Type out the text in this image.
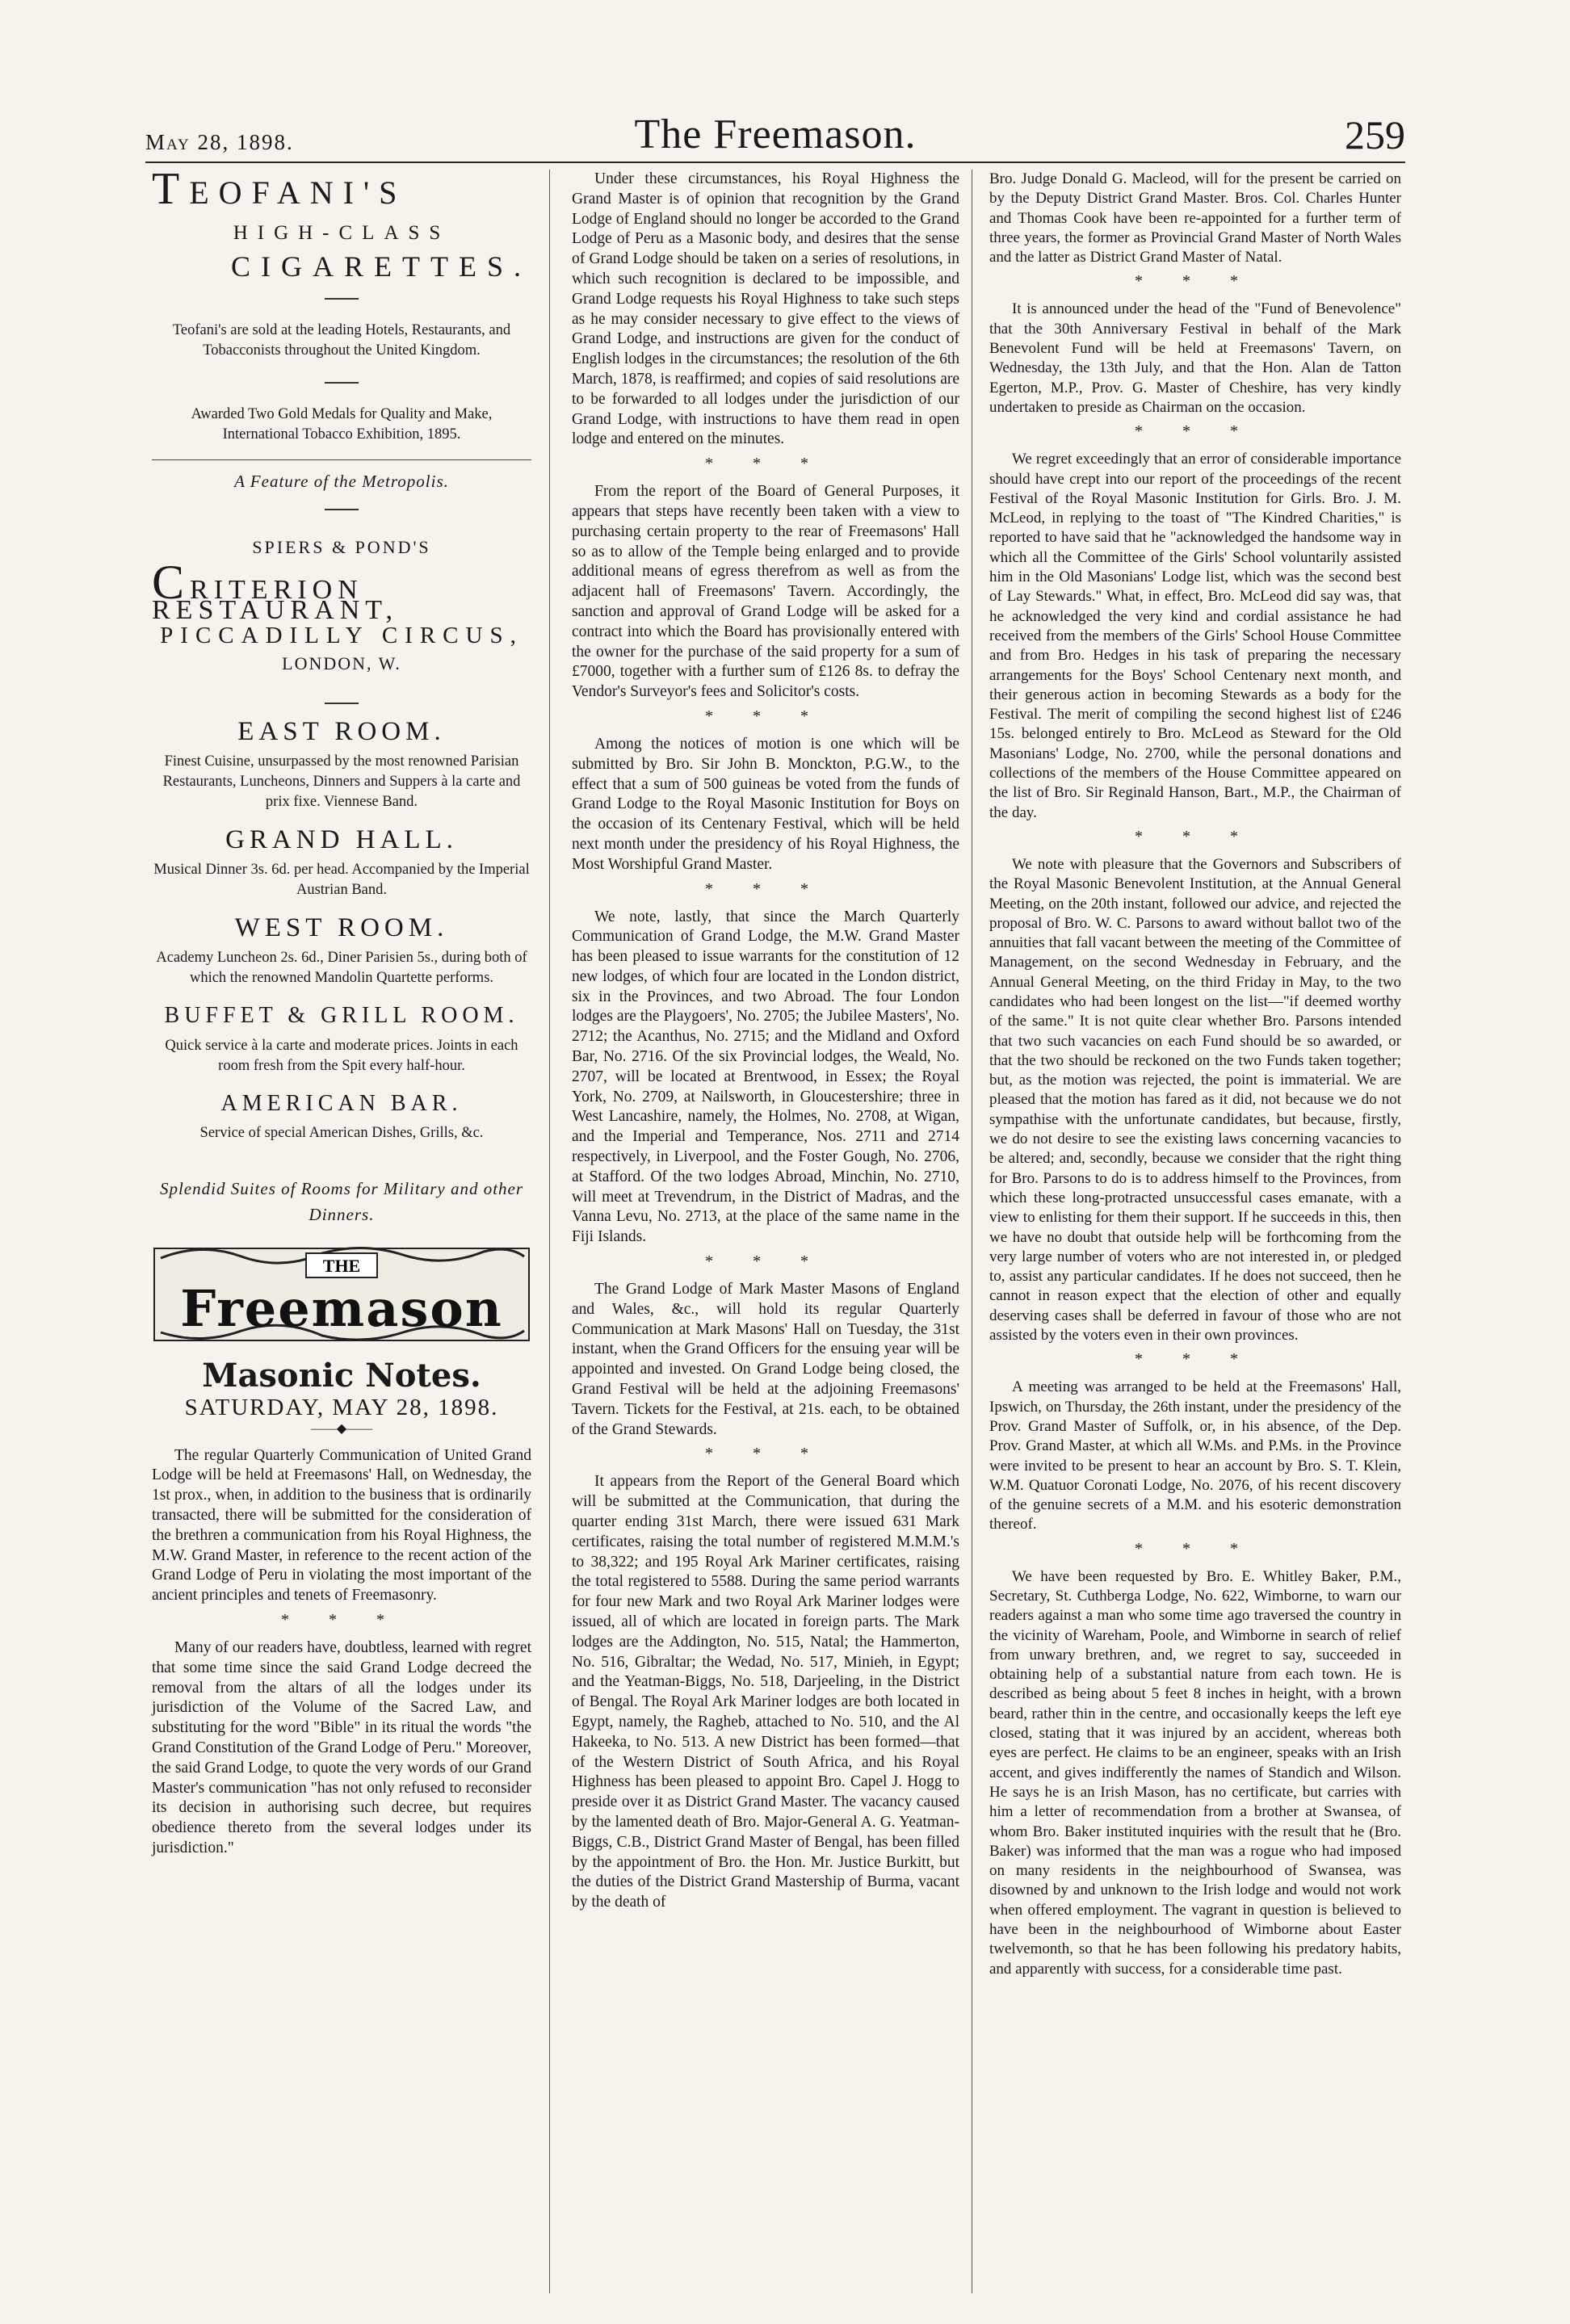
May 28, 1898.	The Freemason.	259
TEOFANI'S
HIGH-CLASS
CIGARETTES.
Teofani's are sold at the leading Hotels, Restaurants, and Tobacconists throughout the United Kingdom.
Awarded Two Gold Medals for Quality and Make, International Tobacco Exhibition, 1895.
A Feature of the Metropolis.
SPIERS & POND'S
CRITERION RESTAURANT,
PICCADILLY CIRCUS,
LONDON, W.
EAST ROOM.
Finest Cuisine, unsurpassed by the most renowned Parisian Restaurants, Luncheons, Dinners and Suppers à la carte and prix fixe. Viennese Band.
GRAND HALL.
Musical Dinner 3s. 6d. per head. Accompanied by the Imperial Austrian Band.
WEST ROOM.
Academy Luncheon 2s. 6d., Diner Parisien 5s., during both of which the renowned Mandolin Quartette performs.
BUFFET & GRILL ROOM.
Quick service à la carte and moderate prices. Joints in each room fresh from the Spit every half-hour.
AMERICAN BAR.
Service of special American Dishes, Grills, &c.
Splendid Suites of Rooms for Military and other Dinners.
THE
Freemason
Masonic Notes.
SATURDAY, MAY 28, 1898.
——◆——

The regular Quarterly Communication of United Grand Lodge will be held at Freemasons' Hall, on Wednesday, the 1st prox., when, in addition to the business that is ordinarily transacted, there will be submitted for the consideration of the brethren a communication from his Royal Highness, the M.W. Grand Master, in reference to the recent action of the Grand Lodge of Peru in violating the most important of the ancient principles and tenets of Freemasonry.

* * *

Many of our readers have, doubtless, learned with regret that some time since the said Grand Lodge decreed the removal from the altars of all the lodges under its jurisdiction of the Volume of the Sacred Law, and substituting for the word "Bible" in its ritual the words "the Grand Constitution of the Grand Lodge of Peru." Moreover, the said Grand Lodge, to quote the very words of our Grand Master's communication "has not only refused to reconsider its decision in authorising such decree, but requires obedience thereto from the several lodges under its jurisdiction."

Under these circumstances, his Royal Highness the Grand Master is of opinion that recognition by the Grand Lodge of England should no longer be accorded to the Grand Lodge of Peru as a Masonic body, and desires that the sense of Grand Lodge should be taken on a series of resolutions, in which such recognition is declared to be impossible, and Grand Lodge requests his Royal Highness to take such steps as he may consider necessary to give effect to the views of Grand Lodge, and instructions are given for the conduct of English lodges in the circumstances; the resolution of the 6th March, 1878, is reaffirmed; and copies of said resolutions are to be forwarded to all lodges under the jurisdiction of our Grand Lodge, with instructions to have them read in open lodge and entered on the minutes.

* * *

From the report of the Board of General Purposes, it appears that steps have recently been taken with a view to purchasing certain property to the rear of Freemasons' Hall so as to allow of the Temple being enlarged and to provide additional means of egress therefrom as well as from the adjacent hall of Freemasons' Tavern. Accordingly, the sanction and approval of Grand Lodge will be asked for a contract into which the Board has provisionally entered with the owner for the purchase of the said property for a sum of £7000, together with a further sum of £126 8s. to defray the Vendor's Surveyor's fees and Solicitor's costs.

* * *

Among the notices of motion is one which will be submitted by Bro. Sir John B. Monckton, P.G.W., to the effect that a sum of 500 guineas be voted from the funds of Grand Lodge to the Royal Masonic Institution for Boys on the occasion of its Centenary Festival, which will be held next month under the presidency of his Royal Highness, the Most Worshipful Grand Master.

* * *

We note, lastly, that since the March Quarterly Communication of Grand Lodge, the M.W. Grand Master has been pleased to issue warrants for the constitution of 12 new lodges, of which four are located in the London district, six in the Provinces, and two Abroad. The four London lodges are the Playgoers', No. 2705; the Jubilee Masters', No. 2712; the Acanthus, No. 2715; and the Midland and Oxford Bar, No. 2716. Of the six Provincial lodges, the Weald, No. 2707, will be located at Brentwood, in Essex; the Royal York, No. 2709, at Nailsworth, in Gloucestershire; three in West Lancashire, namely, the Holmes, No. 2708, at Wigan, and the Imperial and Temperance, Nos. 2711 and 2714 respectively, in Liverpool, and the Foster Gough, No. 2706, at Stafford. Of the two lodges Abroad, Minchin, No. 2710, will meet at Trevendrum, in the District of Madras, and the Vanna Levu, No. 2713, at the place of the same name in the Fiji Islands.

* * *

The Grand Lodge of Mark Master Masons of England and Wales, &c., will hold its regular Quarterly Communication at Mark Masons' Hall on Tuesday, the 31st instant, when the Grand Officers for the ensuing year will be appointed and invested. On Grand Lodge being closed, the Grand Festival will be held at the adjoining Freemasons' Tavern. Tickets for the Festival, at 21s. each, to be obtained of the Grand Stewards.

* * *

It appears from the Report of the General Board which will be submitted at the Communication, that during the quarter ending 31st March, there were issued 631 Mark certificates, raising the total number of registered M.M.M.'s to 38,322; and 195 Royal Ark Mariner certificates, raising the total registered to 5588. During the same period warrants for four new Mark and two Royal Ark Mariner lodges were issued, all of which are located in foreign parts. The Mark lodges are the Addington, No. 515, Natal; the Hammerton, No. 516, Gibraltar; the Wedad, No. 517, Minieh, in Egypt; and the Yeatman-Biggs, No. 518, Darjeeling, in the District of Bengal. The Royal Ark Mariner lodges are both located in Egypt, namely, the Ragheb, attached to No. 510, and the Al Hakeeka, to No. 513. A new District has been formed—that of the Western District of South Africa, and his Royal Highness has been pleased to appoint Bro. Capel J. Hogg to preside over it as District Grand Master. The vacancy caused by the lamented death of Bro. Major-General A. G. Yeatman-Biggs, C.B., District Grand Master of Bengal, has been filled by the appointment of Bro. the Hon. Mr. Justice Burkitt, but the duties of the District Grand Mastership of Burma, vacant by the death of

Bro. Judge Donald G. Macleod, will for the present be carried on by the Deputy District Grand Master. Bros. Col. Charles Hunter and Thomas Cook have been re-appointed for a further term of three years, the former as Provincial Grand Master of North Wales and the latter as District Grand Master of Natal.

* * *

It is announced under the head of the "Fund of Benevolence" that the 30th Anniversary Festival in behalf of the Mark Benevolent Fund will be held at Freemasons' Tavern, on Wednesday, the 13th July, and that the Hon. Alan de Tatton Egerton, M.P., Prov. G. Master of Cheshire, has very kindly undertaken to preside as Chairman on the occasion.

* * *

We regret exceedingly that an error of considerable importance should have crept into our report of the proceedings of the recent Festival of the Royal Masonic Institution for Girls. Bro. J. M. McLeod, in replying to the toast of "The Kindred Charities," is reported to have said that he "acknowledged the handsome way in which all the Committee of the Girls' School voluntarily assisted him in the Old Masonians' Lodge list, which was the second best of Lay Stewards." What, in effect, Bro. McLeod did say was, that he acknowledged the very kind and cordial assistance he had received from the members of the Girls' School House Committee and from Bro. Hedges in his task of preparing the necessary arrangements for the Boys' School Centenary next month, and their generous action in becoming Stewards as a body for the Festival. The merit of compiling the second highest list of £246 15s. belonged entirely to Bro. McLeod as Steward for the Old Masonians' Lodge, No. 2700, while the personal donations and collections of the members of the House Committee appeared on the list of Bro. Sir Reginald Hanson, Bart., M.P., the Chairman of the day.

* * *

We note with pleasure that the Governors and Subscribers of the Royal Masonic Benevolent Institution, at the Annual General Meeting, on the 20th instant, followed our advice, and rejected the proposal of Bro. W. C. Parsons to award without ballot two of the annuities that fall vacant between the meeting of the Committee of Management, on the second Wednesday in February, and the Annual General Meeting, on the third Friday in May, to the two candidates who had been longest on the list—"if deemed worthy of the same." It is not quite clear whether Bro. Parsons intended that two such vacancies on each Fund should be so awarded, or that the two should be reckoned on the two Funds taken together; but, as the motion was rejected, the point is immaterial. We are pleased that the motion has fared as it did, not because we do not sympathise with the unfortunate candidates, but because, firstly, we do not desire to see the existing laws concerning vacancies to be altered; and, secondly, because we consider that the right thing for Bro. Parsons to do is to address himself to the Provinces, from which these long-protracted unsuccessful cases emanate, with a view to enlisting for them their support. If he succeeds in this, then we have no doubt that outside help will be forthcoming from the very large number of voters who are not interested in, or pledged to, assist any particular candidates. If he does not succeed, then he cannot in reason expect that the election of other and equally deserving cases shall be deferred in favour of those who are not assisted by the voters even in their own provinces.

* * *

A meeting was arranged to be held at the Freemasons' Hall, Ipswich, on Thursday, the 26th instant, under the presidency of the Prov. Grand Master of Suffolk, or, in his absence, of the Dep. Prov. Grand Master, at which all W.Ms. and P.Ms. in the Province were invited to be present to hear an account by Bro. S. T. Klein, W.M. Quatuor Coronati Lodge, No. 2076, of his recent discovery of the genuine secrets of a M.M. and his esoteric demonstration thereof.

* * *

We have been requested by Bro. E. Whitley Baker, P.M., Secretary, St. Cuthberga Lodge, No. 622, Wimborne, to warn our readers against a man who some time ago traversed the country in the vicinity of Wareham, Poole, and Wimborne in search of relief from unwary brethren, and, we regret to say, succeeded in obtaining help of a substantial nature from each town. He is described as being about 5 feet 8 inches in height, with a brown beard, rather thin in the centre, and occasionally keeps the left eye closed, stating that it was injured by an accident, whereas both eyes are perfect. He claims to be an engineer, speaks with an Irish accent, and gives indifferently the names of Standich and Wilson. He says he is an Irish Mason, has no certificate, but carries with him a letter of recommendation from a brother at Swansea, of whom Bro. Baker instituted inquiries with the result that he (Bro. Baker) was informed that the man was a rogue who had imposed on many residents in the neighbourhood of Swansea, was disowned by and unknown to the Irish lodge and would not work when offered employment. The vagrant in question is believed to have been in the neighbourhood of Wimborne about Easter twelvemonth, so that he has been following his predatory habits, and apparently with success, for a considerable time past.
